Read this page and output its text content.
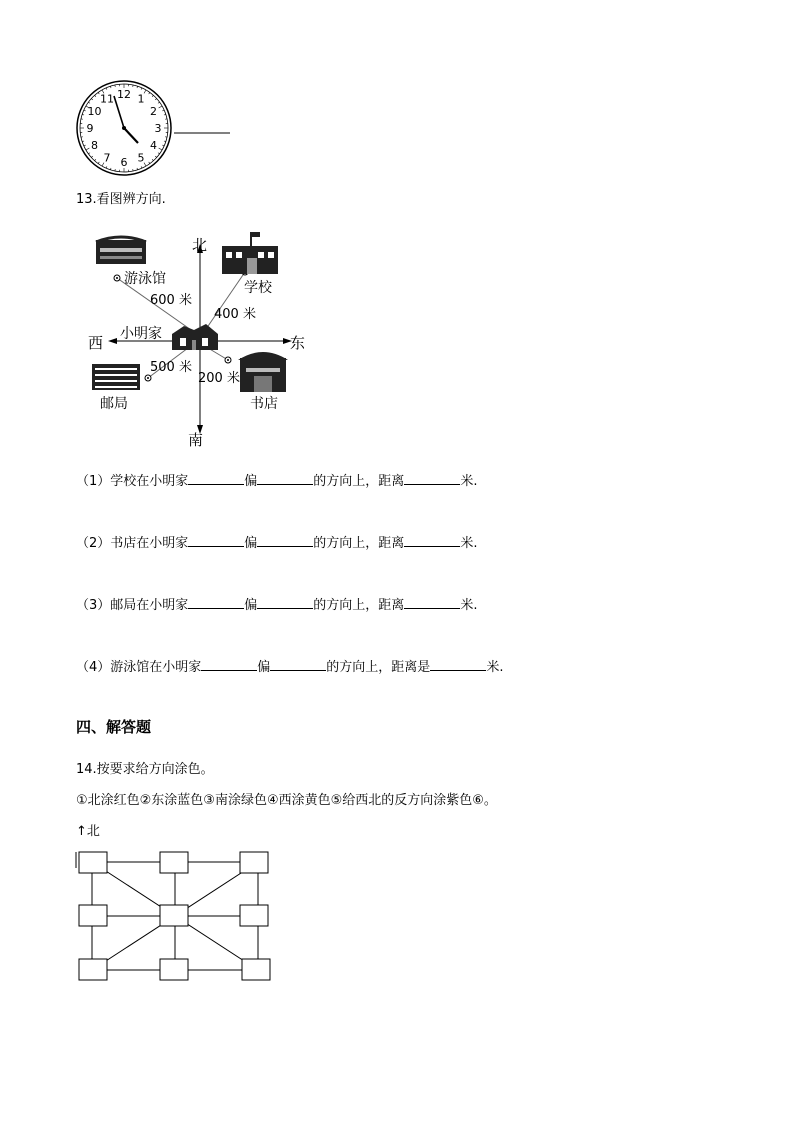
12 1
2
3
4
5
6
7
8
9
10
11
13.看图辨方向.
北
南
东
西
游泳馆
600 米
学校
400 米
小明家
500 米
邮局
200 米
书店
（1）学校在小明家	偏	的方向上，距离	米.
（2）书店在小明家	偏	的方向上，距离	米.
（3）邮局在小明家	偏	的方向上，距离	米.
（4）游泳馆在小明家	偏	的方向上，距离是	米.
四、解答题
14.按要求给方向涂色。
①北涂红色②东涂蓝色③南涂绿色④西涂黄色⑤给西北的反方向涂紫色⑥。
↑北
